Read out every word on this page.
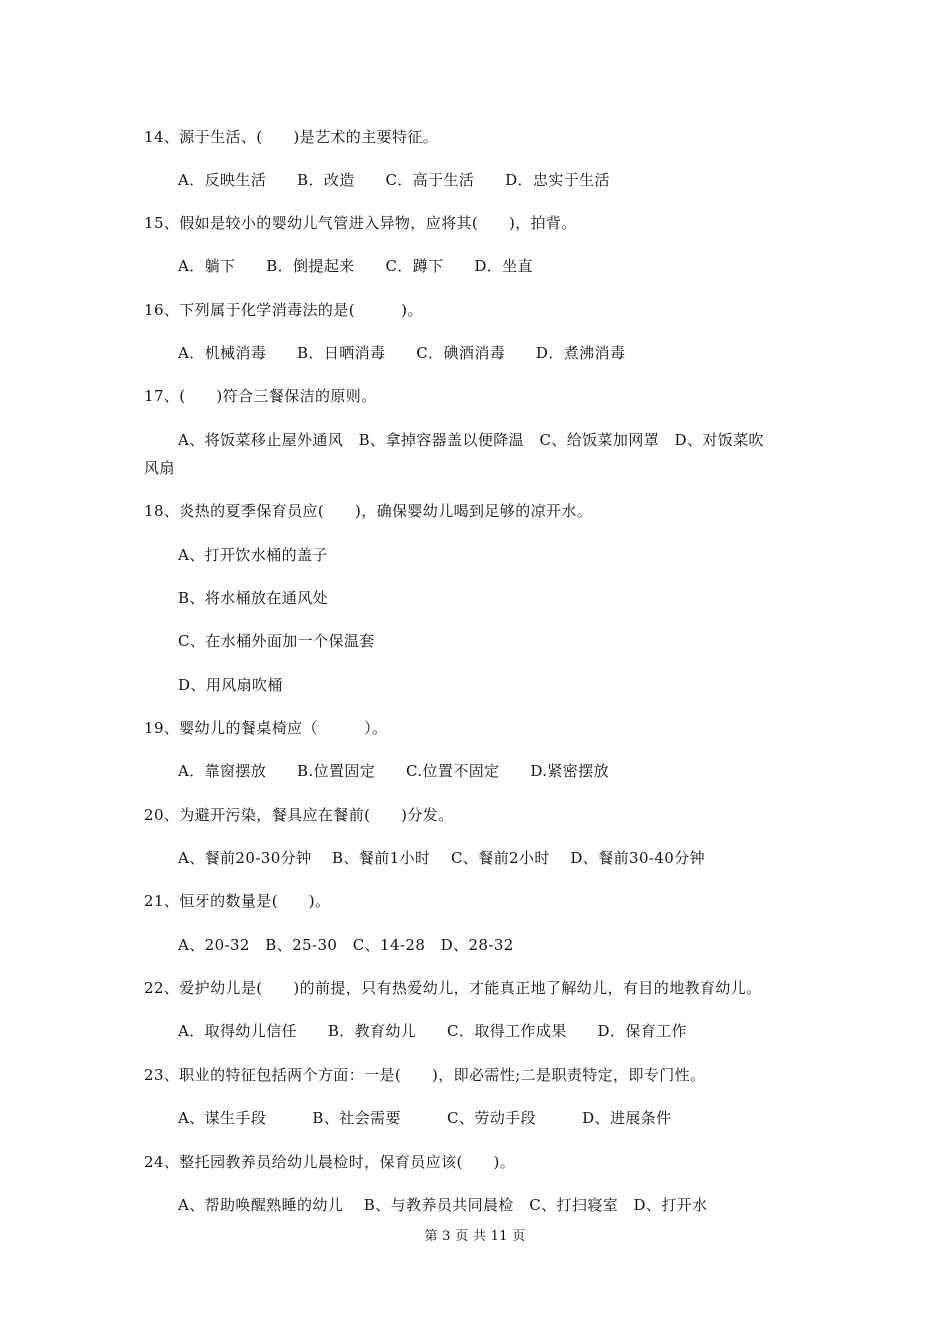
14、源于生活、(　　)是艺术的主要特征。
A．反映生活　　B．改造　　C．高于生活　　D．忠实于生活
15、假如是较小的婴幼儿气管进入异物，应将其(　　)，拍背。
A．躺下　　B．倒提起来　　C．蹲下　　D．坐直
16、下列属于化学消毒法的是(　　　)。
A．机械消毒　　B．日晒消毒　　C．碘酒消毒　　D．煮沸消毒
17、(　　)符合三餐保洁的原则。
A、将饭菜移止屋外通风　B、拿掉容器盖以便降温　C、给饭菜加网罩　D、对饭菜吹
风扇
18、炎热的夏季保育员应(　　)，确保婴幼儿喝到足够的凉开水。
A、打开饮水桶的盖子
B、将水桶放在通风处
C、在水桶外面加一个保温套
D、用风扇吹桶
19、婴幼儿的餐桌椅应（　　　）。
A．靠窗摆放　　B.位置固定　　C.位置不固定　　D.紧密摆放
20、为避开污染，餐具应在餐前(　　)分发。
A、餐前20-30分钟　 B、餐前1小时　 C、餐前2小时　 D、餐前30-40分钟
21、恒牙的数量是(　　)。
A、20-32　B、25-30　C、14-28　D、28-32
22、爱护幼儿是(　　)的前提，只有热爱幼儿，才能真正地了解幼儿，有目的地教育幼儿。
A．取得幼儿信任　　B．教育幼儿　　C．取得工作成果　　D．保育工作
23、职业的特征包括两个方面：一是(　　)，即必需性;二是职责特定，即专门性。
A、谋生手段　　　B、社会需要　　　C、劳动手段　　　D、进展条件
24、整托园教养员给幼儿晨检时，保育员应该(　　)。
A、帮助唤醒熟睡的幼儿　 B、与教养员共同晨检　C、打扫寝室　D、打开水
第 3 页 共 11 页
